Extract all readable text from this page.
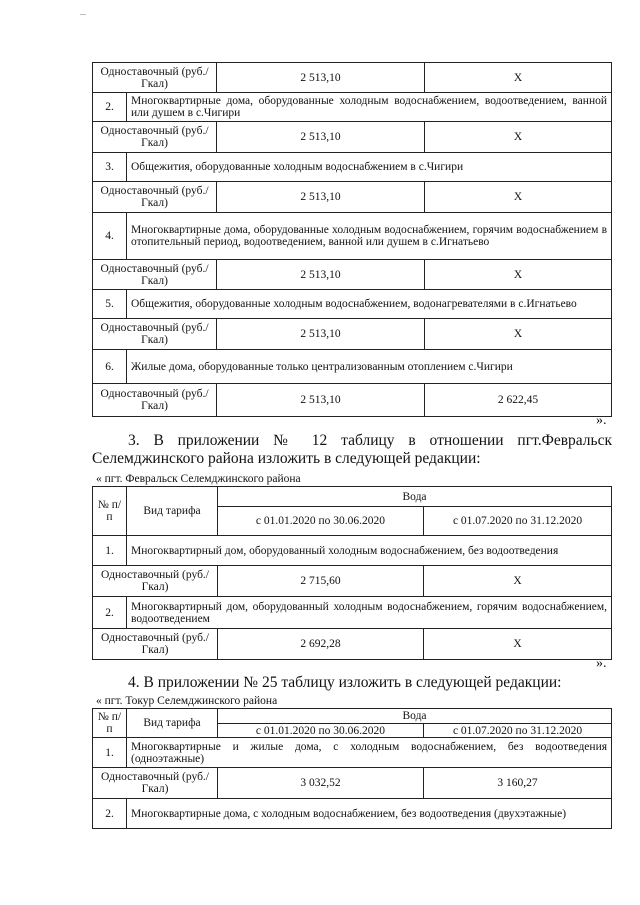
Одноставочный (руб./Гкал)		2 513,10	X
2.	Многоквартирные дома, оборудованные холодным водоснабжением, водоотведением, ванной или душем в с.Чигири		
Одноставочный (руб./Гкал)		2 513,10	X
3.	Общежития, оборудованные холодным водоснабжением в с.Чигири		
Одноставочный (руб./Гкал)		2 513,10	X
4.	Многоквартирные дома, оборудованные холодным водоснабжением, горячим водоснабжением в отопительный период, водоотведением, ванной или душем в с.Игнатьево		
Одноставочный (руб./Гкал)		2 513,10	X
5.	Общежития, оборудованные холодным водоснабжением, водонагревателями в с.Игнатьево		
Одноставочный (руб./Гкал)		2 513,10	X
6.	Жилые дома, оборудованные только централизованным отоплением с.Чигири		
Одноставочный (руб./Гкал)		2 513,10	2 622,45
».
3. В приложении № 12 таблицу в отношении пгт.Февральск
Селемджинского района изложить в следующей редакции:
« пгт. Февральск Селемджинского района
№ п/п	Вид тарифа	Вода	
		с 01.01.2020 по 30.06.2020	с 01.07.2020 по 31.12.2020
1.	Многоквартирный дом, оборудованный холодным водоснабжением, без водоотведения		
Одноставочный (руб./Гкал)		2 715,60	X
2.	Многоквартирный дом, оборудованный холодным водоснабжением, горячим водоснабжением, водоотведением		
Одноставочный (руб./Гкал)		2 692,28	X
».
4. В приложении № 25 таблицу изложить в следующей редакции:
« пгт. Токур Селемджинского района
№ п/п	Вид тарифа	Вода	
		с 01.01.2020 по 30.06.2020	с 01.07.2020 по 31.12.2020
1.	Многоквартирные и жилые дома, с холодным водоснабжением, без водоотведения (одноэтажные)		
Одноставочный (руб./Гкал)		3 032,52	3 160,27
2.	Многоквартирные дома, с холодным водоснабжением, без водоотведения (двухэтажные)		
